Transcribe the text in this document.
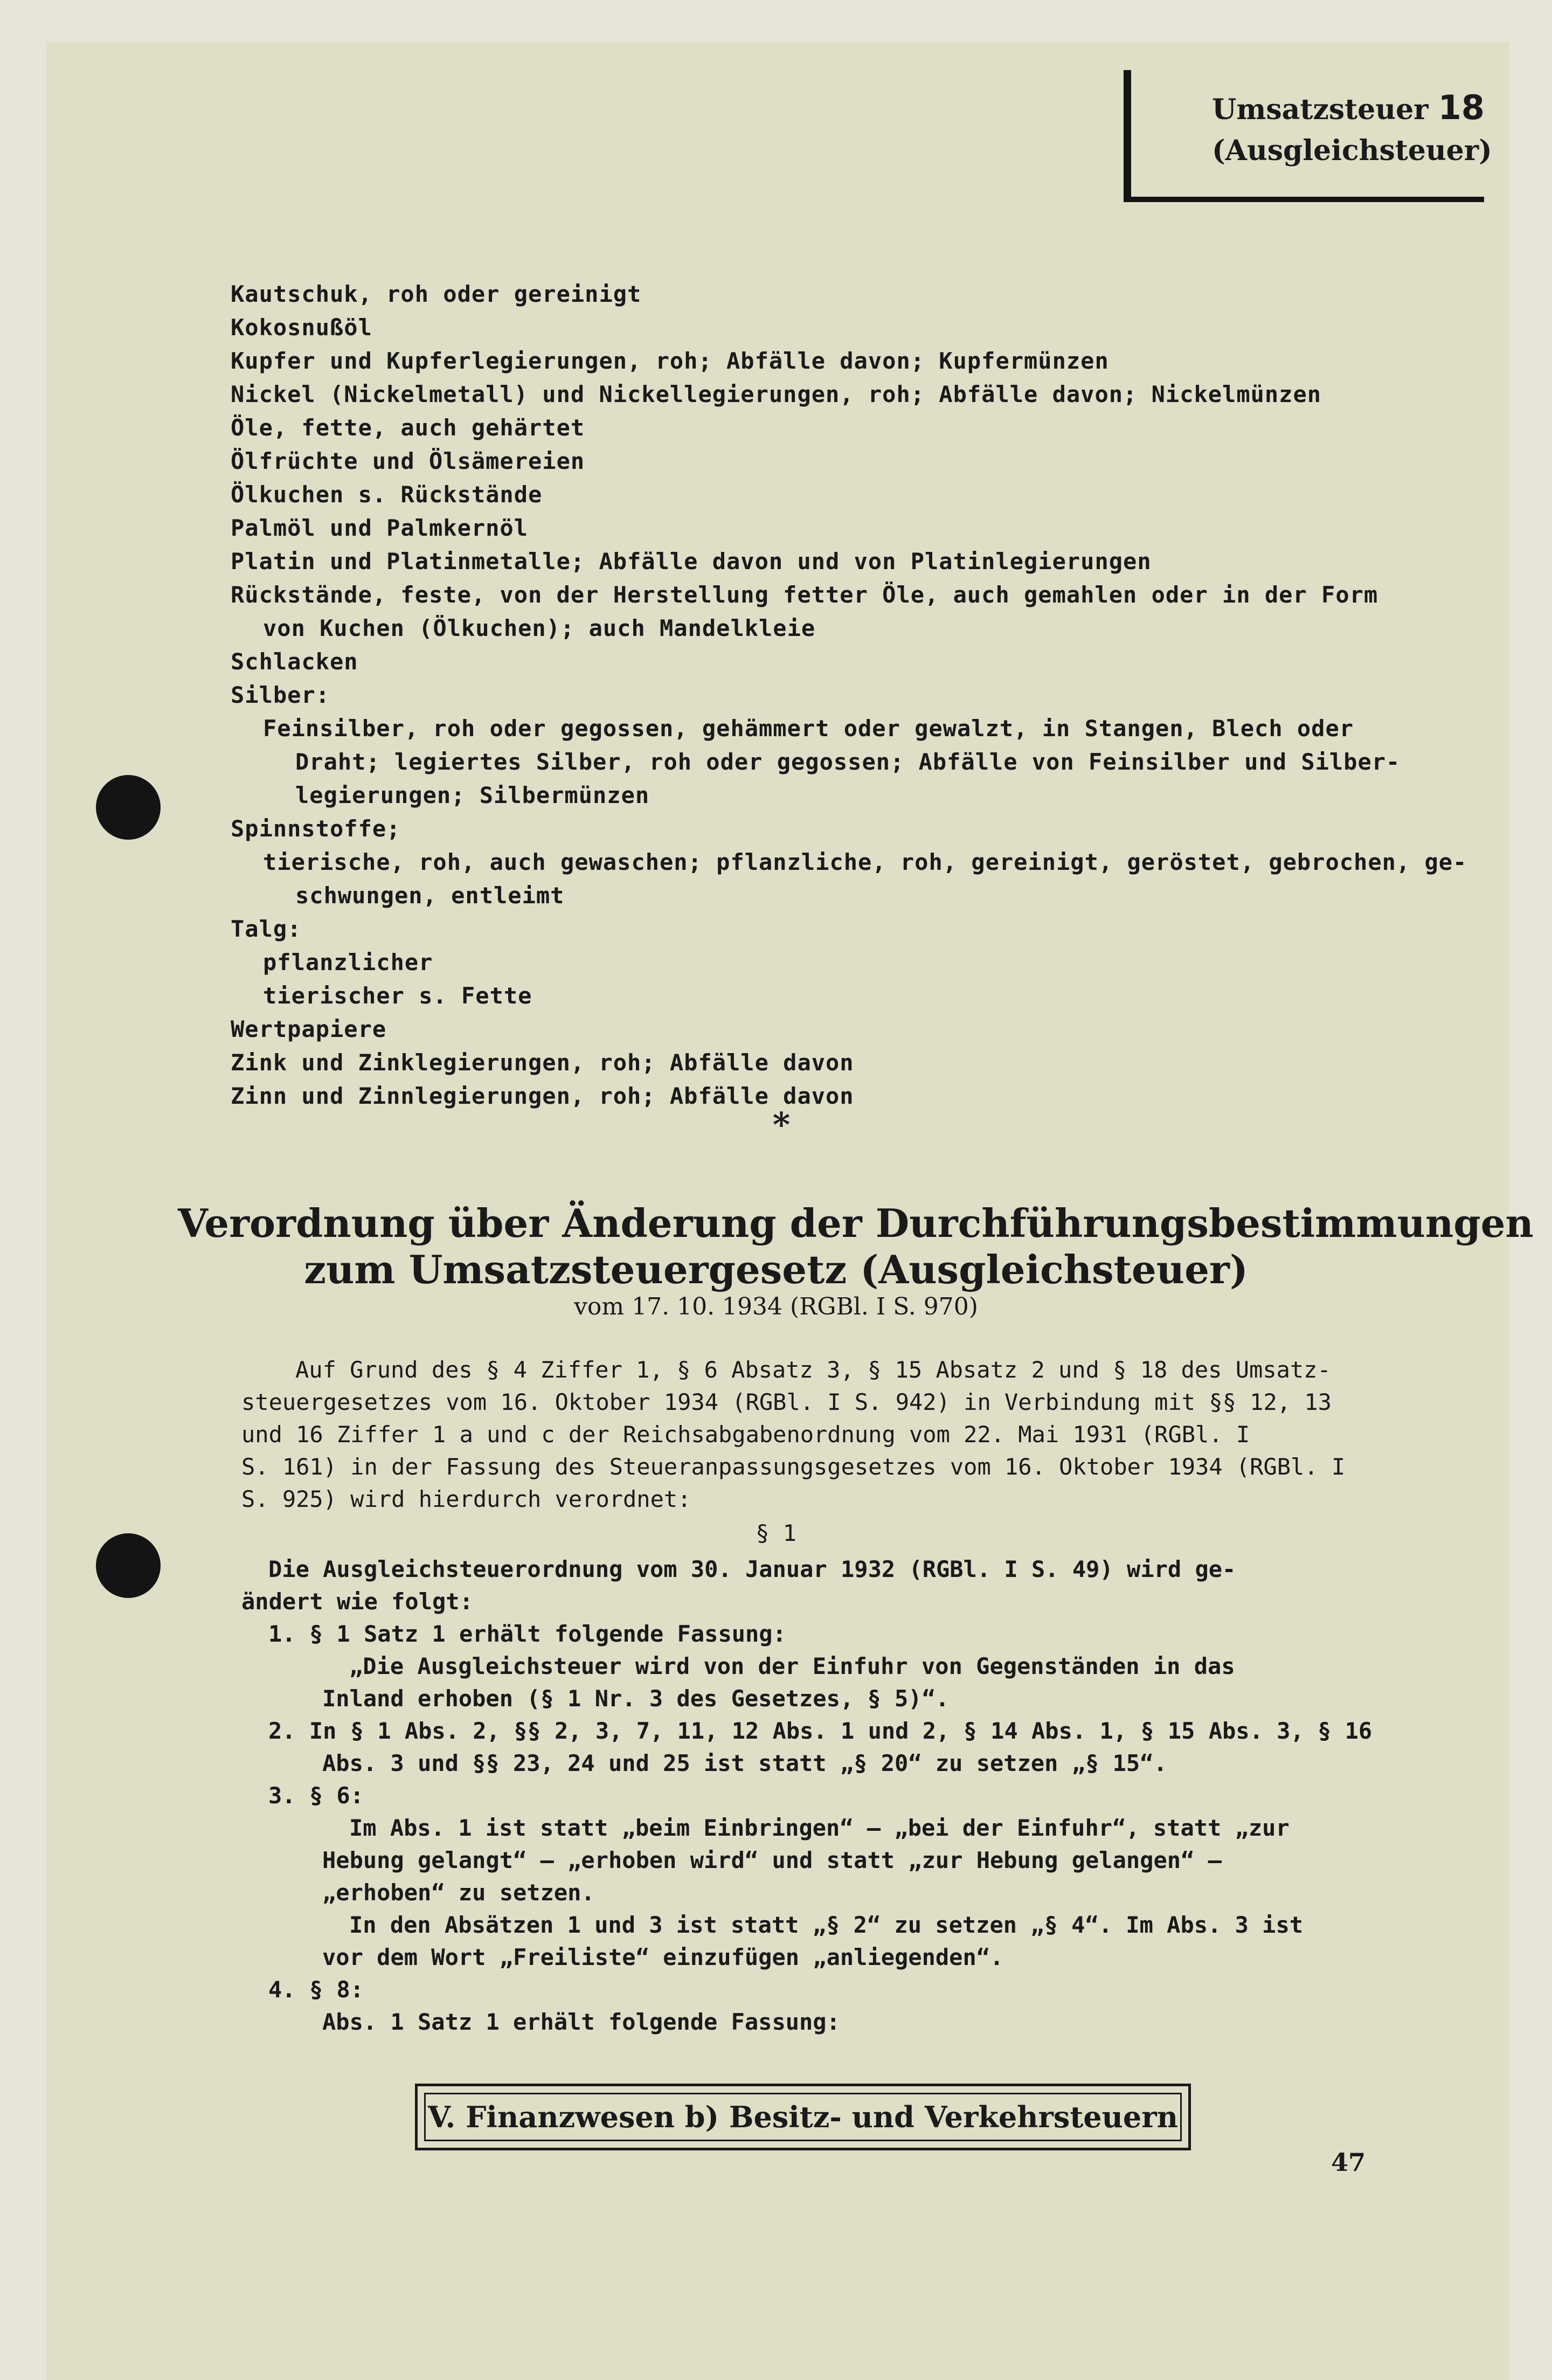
Umsatzsteuer 18
(Ausgleichsteuer)
Kautschuk, roh oder gereinigt
Kokosnußöl
Kupfer und Kupferlegierungen, roh; Abfälle davon; Kupfermünzen
Nickel (Nickelmetall) und Nickellegierungen, roh; Abfälle davon; Nickelmünzen
Öle, fette, auch gehärtet
Ölfrüchte und Ölsämereien
Ölkuchen s. Rückstände
Palmöl und Palmkernöl
Platin und Platinmetalle; Abfälle davon und von Platinlegierungen
Rückstände, feste, von der Herstellung fetter Öle, auch gemahlen oder in der Form
von Kuchen (Ölkuchen); auch Mandelkleie
Schlacken
Silber:
Feinsilber, roh oder gegossen, gehämmert oder gewalzt, in Stangen, Blech oder
Draht; legiertes Silber, roh oder gegossen; Abfälle von Feinsilber und Silber-
legierungen; Silbermünzen
Spinnstoffe;
tierische, roh, auch gewaschen; pflanzliche, roh, gereinigt, geröstet, gebrochen, ge-
schwungen, entleimt
Talg:
pflanzlicher
tierischer s. Fette
Wertpapiere
Zink und Zinklegierungen, roh; Abfälle davon
Zinn und Zinnlegierungen, roh; Abfälle davon
*
Verordnung über Änderung der Durchführungsbestimmungen
zum Umsatzsteuergesetz (Ausgleichsteuer)
vom 17. 10. 1934 (RGBl. I S. 970)
Auf Grund des § 4 Ziffer 1, § 6 Absatz 3, § 15 Absatz 2 und § 18 des Umsatz-
steuergesetzes vom 16. Oktober 1934 (RGBl. I S. 942) in Verbindung mit §§ 12, 13
und 16 Ziffer 1 a und c der Reichsabgabenordnung vom 22. Mai 1931 (RGBl. I
S. 161) in der Fassung des Steueranpassungsgesetzes vom 16. Oktober 1934 (RGBl. I
S. 925) wird hierdurch verordnet:
§ 1
Die Ausgleichsteuerordnung vom 30. Januar 1932 (RGBl. I S. 49) wird ge-
ändert wie folgt:
1. § 1 Satz 1 erhält folgende Fassung:
„Die Ausgleichsteuer wird von der Einfuhr von Gegenständen in das
Inland erhoben (§ 1 Nr. 3 des Gesetzes, § 5)“.
2. In § 1 Abs. 2, §§ 2, 3, 7, 11, 12 Abs. 1 und 2, § 14 Abs. 1, § 15 Abs. 3, § 16
Abs. 3 und §§ 23, 24 und 25 ist statt „§ 20“ zu setzen „§ 15“.
3. § 6:
Im Abs. 1 ist statt „beim Einbringen“ — „bei der Einfuhr“, statt „zur
Hebung gelangt“ — „erhoben wird“ und statt „zur Hebung gelangen“ —
„erhoben“ zu setzen.
In den Absätzen 1 und 3 ist statt „§ 2“ zu setzen „§ 4“. Im Abs. 3 ist
vor dem Wort „Freiliste“ einzufügen „anliegenden“.
4. § 8:
Abs. 1 Satz 1 erhält folgende Fassung:
V. Finanzwesen b) Besitz- und Verkehrsteuern
47
